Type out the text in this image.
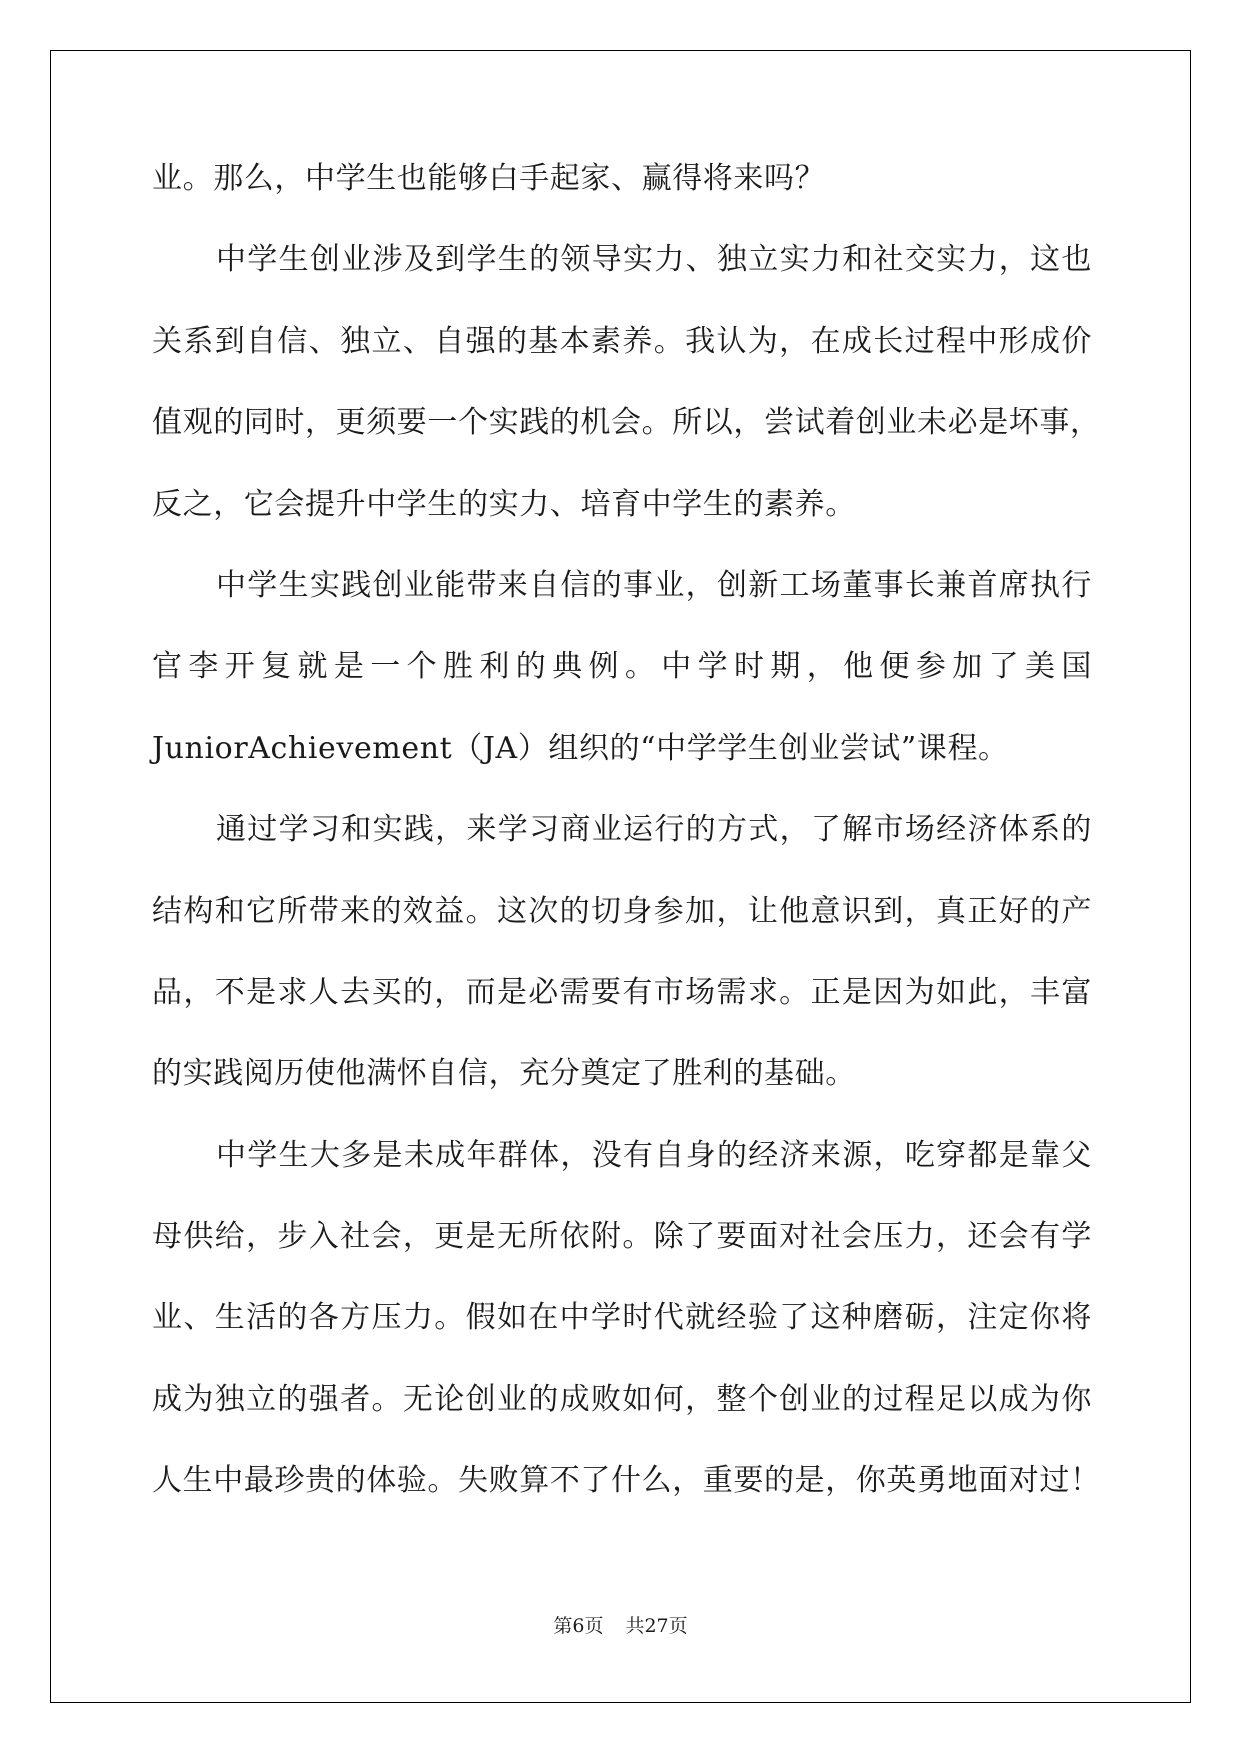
业。那么，中学生也能够白手起家、赢得将来吗？
中学生创业涉及到学生的领导实力、独立实力和社交实力，这也
关系到自信、独立、自强的基本素养。我认为，在成长过程中形成价
值观的同时，更须要一个实践的机会。所以，尝试着创业未必是坏事，
反之，它会提升中学生的实力、培育中学生的素养。
中学生实践创业能带来自信的事业，创新工场董事长兼首席执行
官李开复就是一个胜利的典例。中学时期，他便参加了美国
JuniorAchievement（JA）组织的“中学学生创业尝试”课程。
通过学习和实践，来学习商业运行的方式，了解市场经济体系的
结构和它所带来的效益。这次的切身参加，让他意识到，真正好的产
品，不是求人去买的，而是必需要有市场需求。正是因为如此，丰富
的实践阅历使他满怀自信，充分奠定了胜利的基础。
中学生大多是未成年群体，没有自身的经济来源，吃穿都是靠父
母供给，步入社会，更是无所依附。除了要面对社会压力，还会有学
业、生活的各方压力。假如在中学时代就经验了这种磨砺，注定你将
成为独立的强者。无论创业的成败如何，整个创业的过程足以成为你
人生中最珍贵的体验。失败算不了什么，重要的是，你英勇地面对过！
第6页 共27页
